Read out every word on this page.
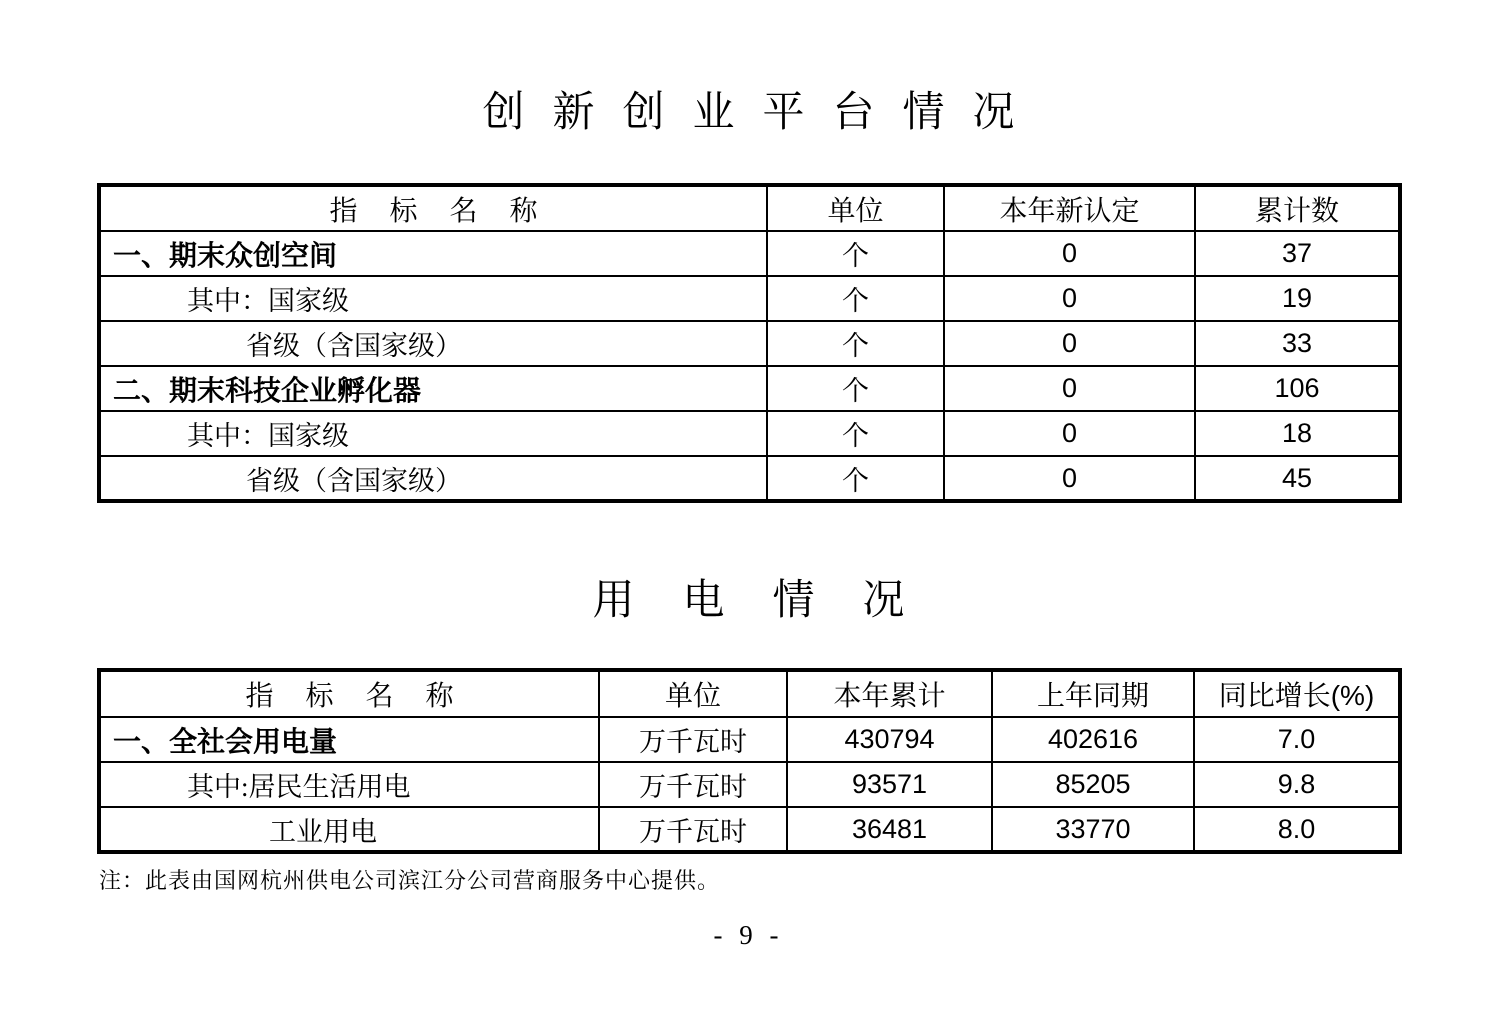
创新创业平台情况
指标名称	单位	本年新认定	累计数
一、期末众创空间	个	0	37
其中：国家级	个	0	19
省级（含国家级）	个	0	33
二、期末科技企业孵化器	个	0	106
其中：国家级	个	0	18
省级（含国家级）	个	0	45
用电情况
指标名称	单位	本年累计	上年同期	同比增长(%)
一、全社会用电量	万千瓦时	430794	402616	7.0
其中:居民生活用电	万千瓦时	93571	85205	9.8
工业用电	万千瓦时	36481	33770	8.0
注：此表由国网杭州供电公司滨江分公司营商服务中心提供。
- 9 -
